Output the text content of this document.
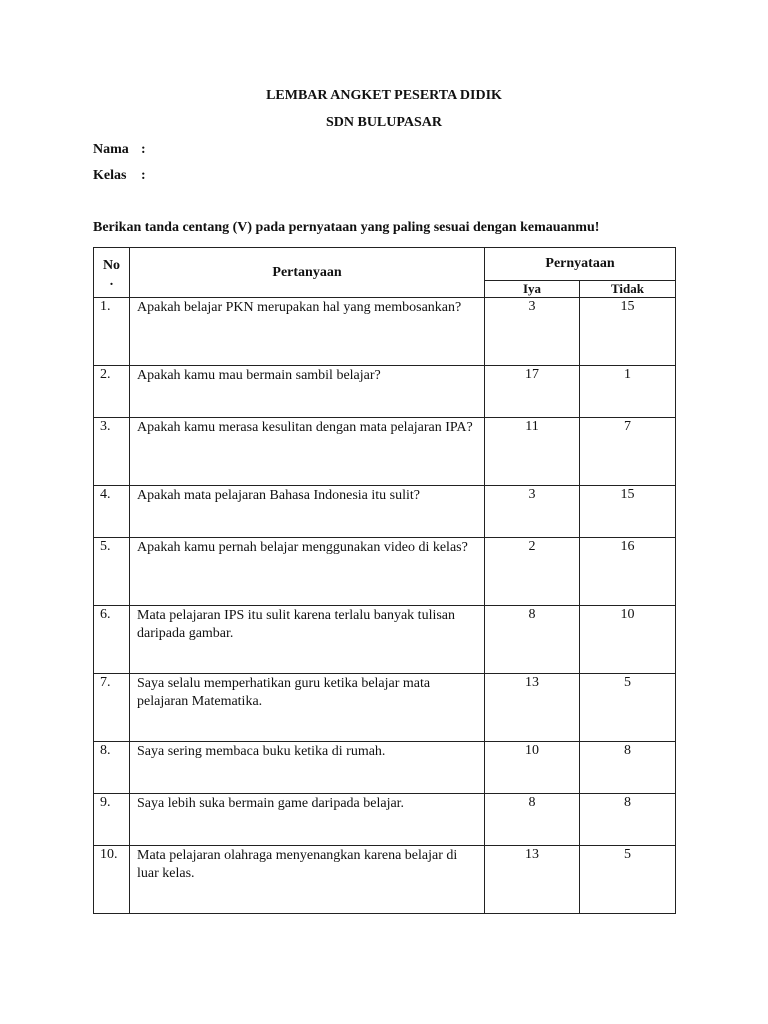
LEMBAR ANGKET PESERTA DIDIK
SDN BULUPASAR
Nama :
Kelas :
Berikan tanda centang (V) pada pernyataan yang paling sesuai dengan kemauanmu!
No
.	Pertanyaan	Pernyataan	
		Iya	Tidak
1.	Apakah belajar PKN merupakan hal yang membosankan?	3	15
2.	Apakah kamu mau bermain sambil belajar?	17	1
3.	Apakah kamu merasa kesulitan dengan mata pelajaran IPA?	11	7
4.	Apakah mata pelajaran Bahasa Indonesia itu sulit?	3	15
5.	Apakah kamu pernah belajar menggunakan video di kelas?	2	16
6.	Mata pelajaran IPS itu sulit karena terlalu banyak tulisan daripada gambar.	8	10
7.	Saya selalu memperhatikan guru ketika belajar mata pelajaran Matematika.	13	5
8.	Saya sering membaca buku ketika di rumah.	10	8
9.	Saya lebih suka bermain game daripada belajar.	8	8
10.	Mata pelajaran olahraga menyenangkan karena belajar di luar kelas.	13	5
